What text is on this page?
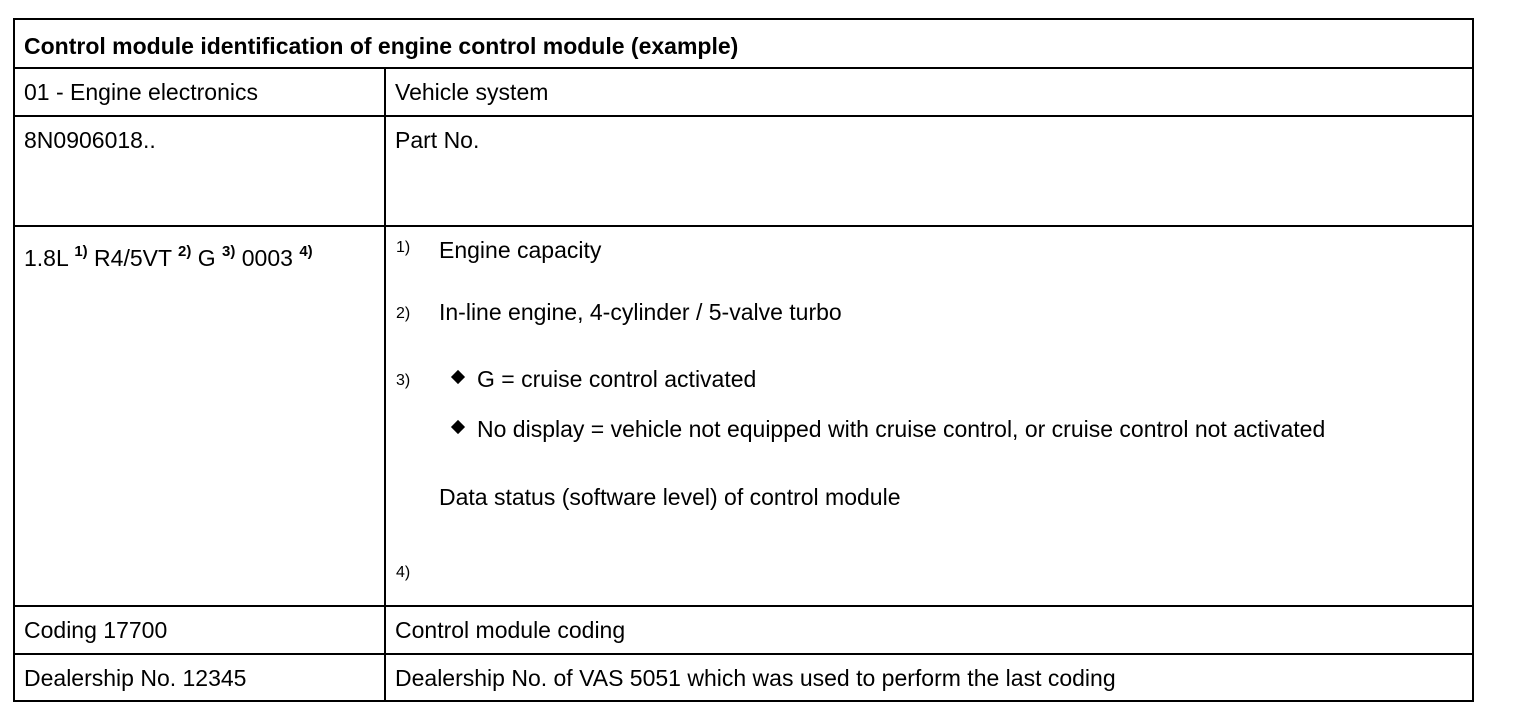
Control module identification of engine control module (example)
01 - Engine electronics	Vehicle system
8N0906018..	Part No.
1.8L $^{1)}$ R4/5VT $^{2)}$ G $^{3)}$ 0003 $^{4)}$	1) Engine capacity
2) In-line engine, 4-cylinder / 5-valve turbo
3)	G = cruise control activated
No display = vehicle not equipped with cruise control, or cruise control not activated
Data status (software level) of control module
4)
Coding 17700	Control module coding
Dealership No. 12345	Dealership No. of VAS 5051 which was used to perform the last coding
